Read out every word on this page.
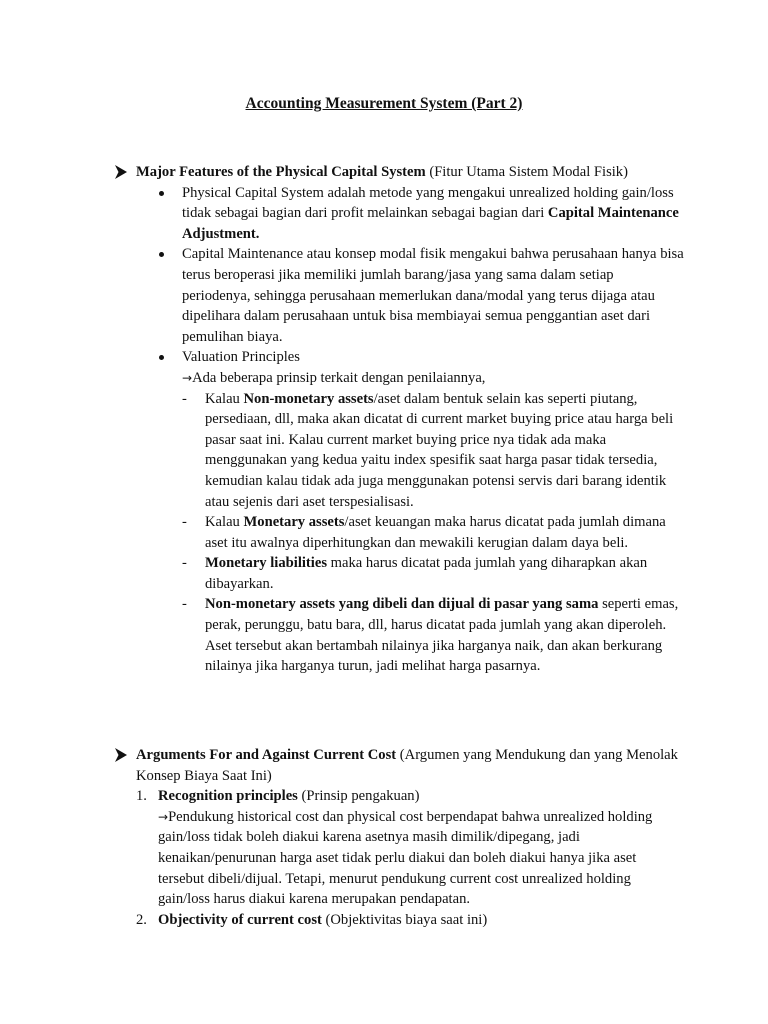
Accounting Measurement System (Part 2)
Major Features of the Physical Capital System (Fitur Utama Sistem Modal Fisik)
Physical Capital System adalah metode yang mengakui unrealized holding gain/loss tidak sebagai bagian dari profit melainkan sebagai bagian dari Capital Maintenance Adjustment.
Capital Maintenance atau konsep modal fisik mengakui bahwa perusahaan hanya bisa terus beroperasi jika memiliki jumlah barang/jasa yang sama dalam setiap periodenya, sehingga perusahaan memerlukan dana/modal yang terus dijaga atau dipelihara dalam perusahaan untuk bisa membiayai semua penggantian aset dari pemulihan biaya.
Valuation Principles
→Ada beberapa prinsip terkait dengan penilaiannya,
- Kalau Non-monetary assets/aset dalam bentuk selain kas seperti piutang, persediaan, dll, maka akan dicatat di current market buying price atau harga beli pasar saat ini. Kalau current market buying price nya tidak ada maka menggunakan yang kedua yaitu index spesifik saat harga pasar tidak tersedia, kemudian kalau tidak ada juga menggunakan potensi servis dari barang identik atau sejenis dari aset terspesialisasi.
- Kalau Monetary assets/aset keuangan maka harus dicatat pada jumlah dimana aset itu awalnya diperhitungkan dan mewakili kerugian dalam daya beli.
- Monetary liabilities maka harus dicatat pada jumlah yang diharapkan akan dibayarkan.
- Non-monetary assets yang dibeli dan dijual di pasar yang sama seperti emas, perak, perunggu, batu bara, dll, harus dicatat pada jumlah yang akan diperoleh. Aset tersebut akan bertambah nilainya jika harganya naik, dan akan berkurang nilainya jika harganya turun, jadi melihat harga pasarnya.
Arguments For and Against Current Cost (Argumen yang Mendukung dan yang Menolak Konsep Biaya Saat Ini)
1. Recognition principles (Prinsip pengakuan)
→Pendukung historical cost dan physical cost berpendapat bahwa unrealized holding gain/loss tidak boleh diakui karena asetnya masih dimilik/dipegang, jadi kenaikan/penurunan harga aset tidak perlu diakui dan boleh diakui hanya jika aset tersebut dibeli/dijual. Tetapi, menurut pendukung current cost unrealized holding gain/loss harus diakui karena merupakan pendapatan.
2. Objectivity of current cost (Objektivitas biaya saat ini)
